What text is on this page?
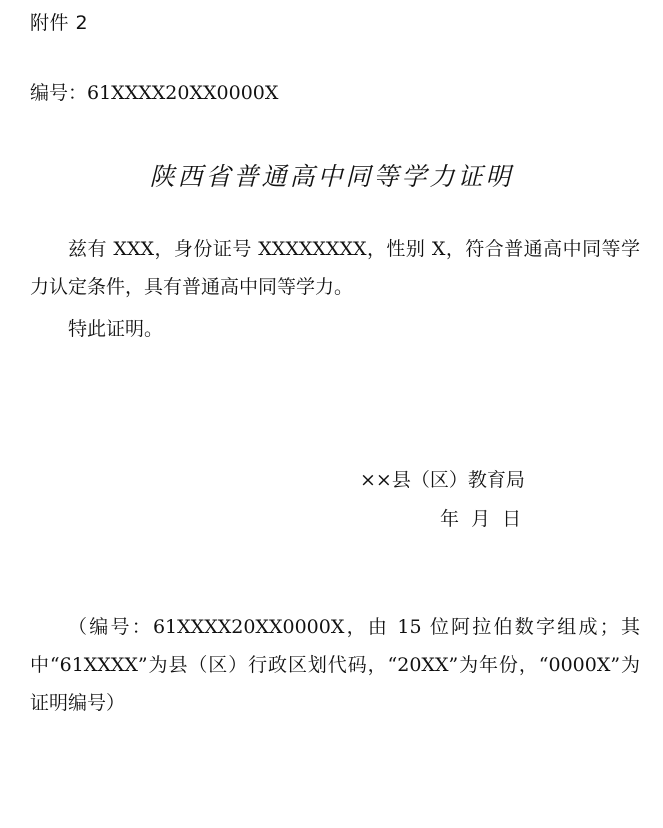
附件 2
编号：61XXXX20XX0000X
陕西省普通高中同等学力证明
兹有 XXX，身份证号 XXXXXXXX，性别 X，符合普通高中同等学力认定条件，具有普通高中同等学力。
特此证明。
××县（区）教育局
年  月  日
（编号：61XXXX20XX0000X，由 15 位阿拉伯数字组成；其中“61XXXX”为县（区）行政区划代码，“20XX”为年份，“0000X”为证明编号）
